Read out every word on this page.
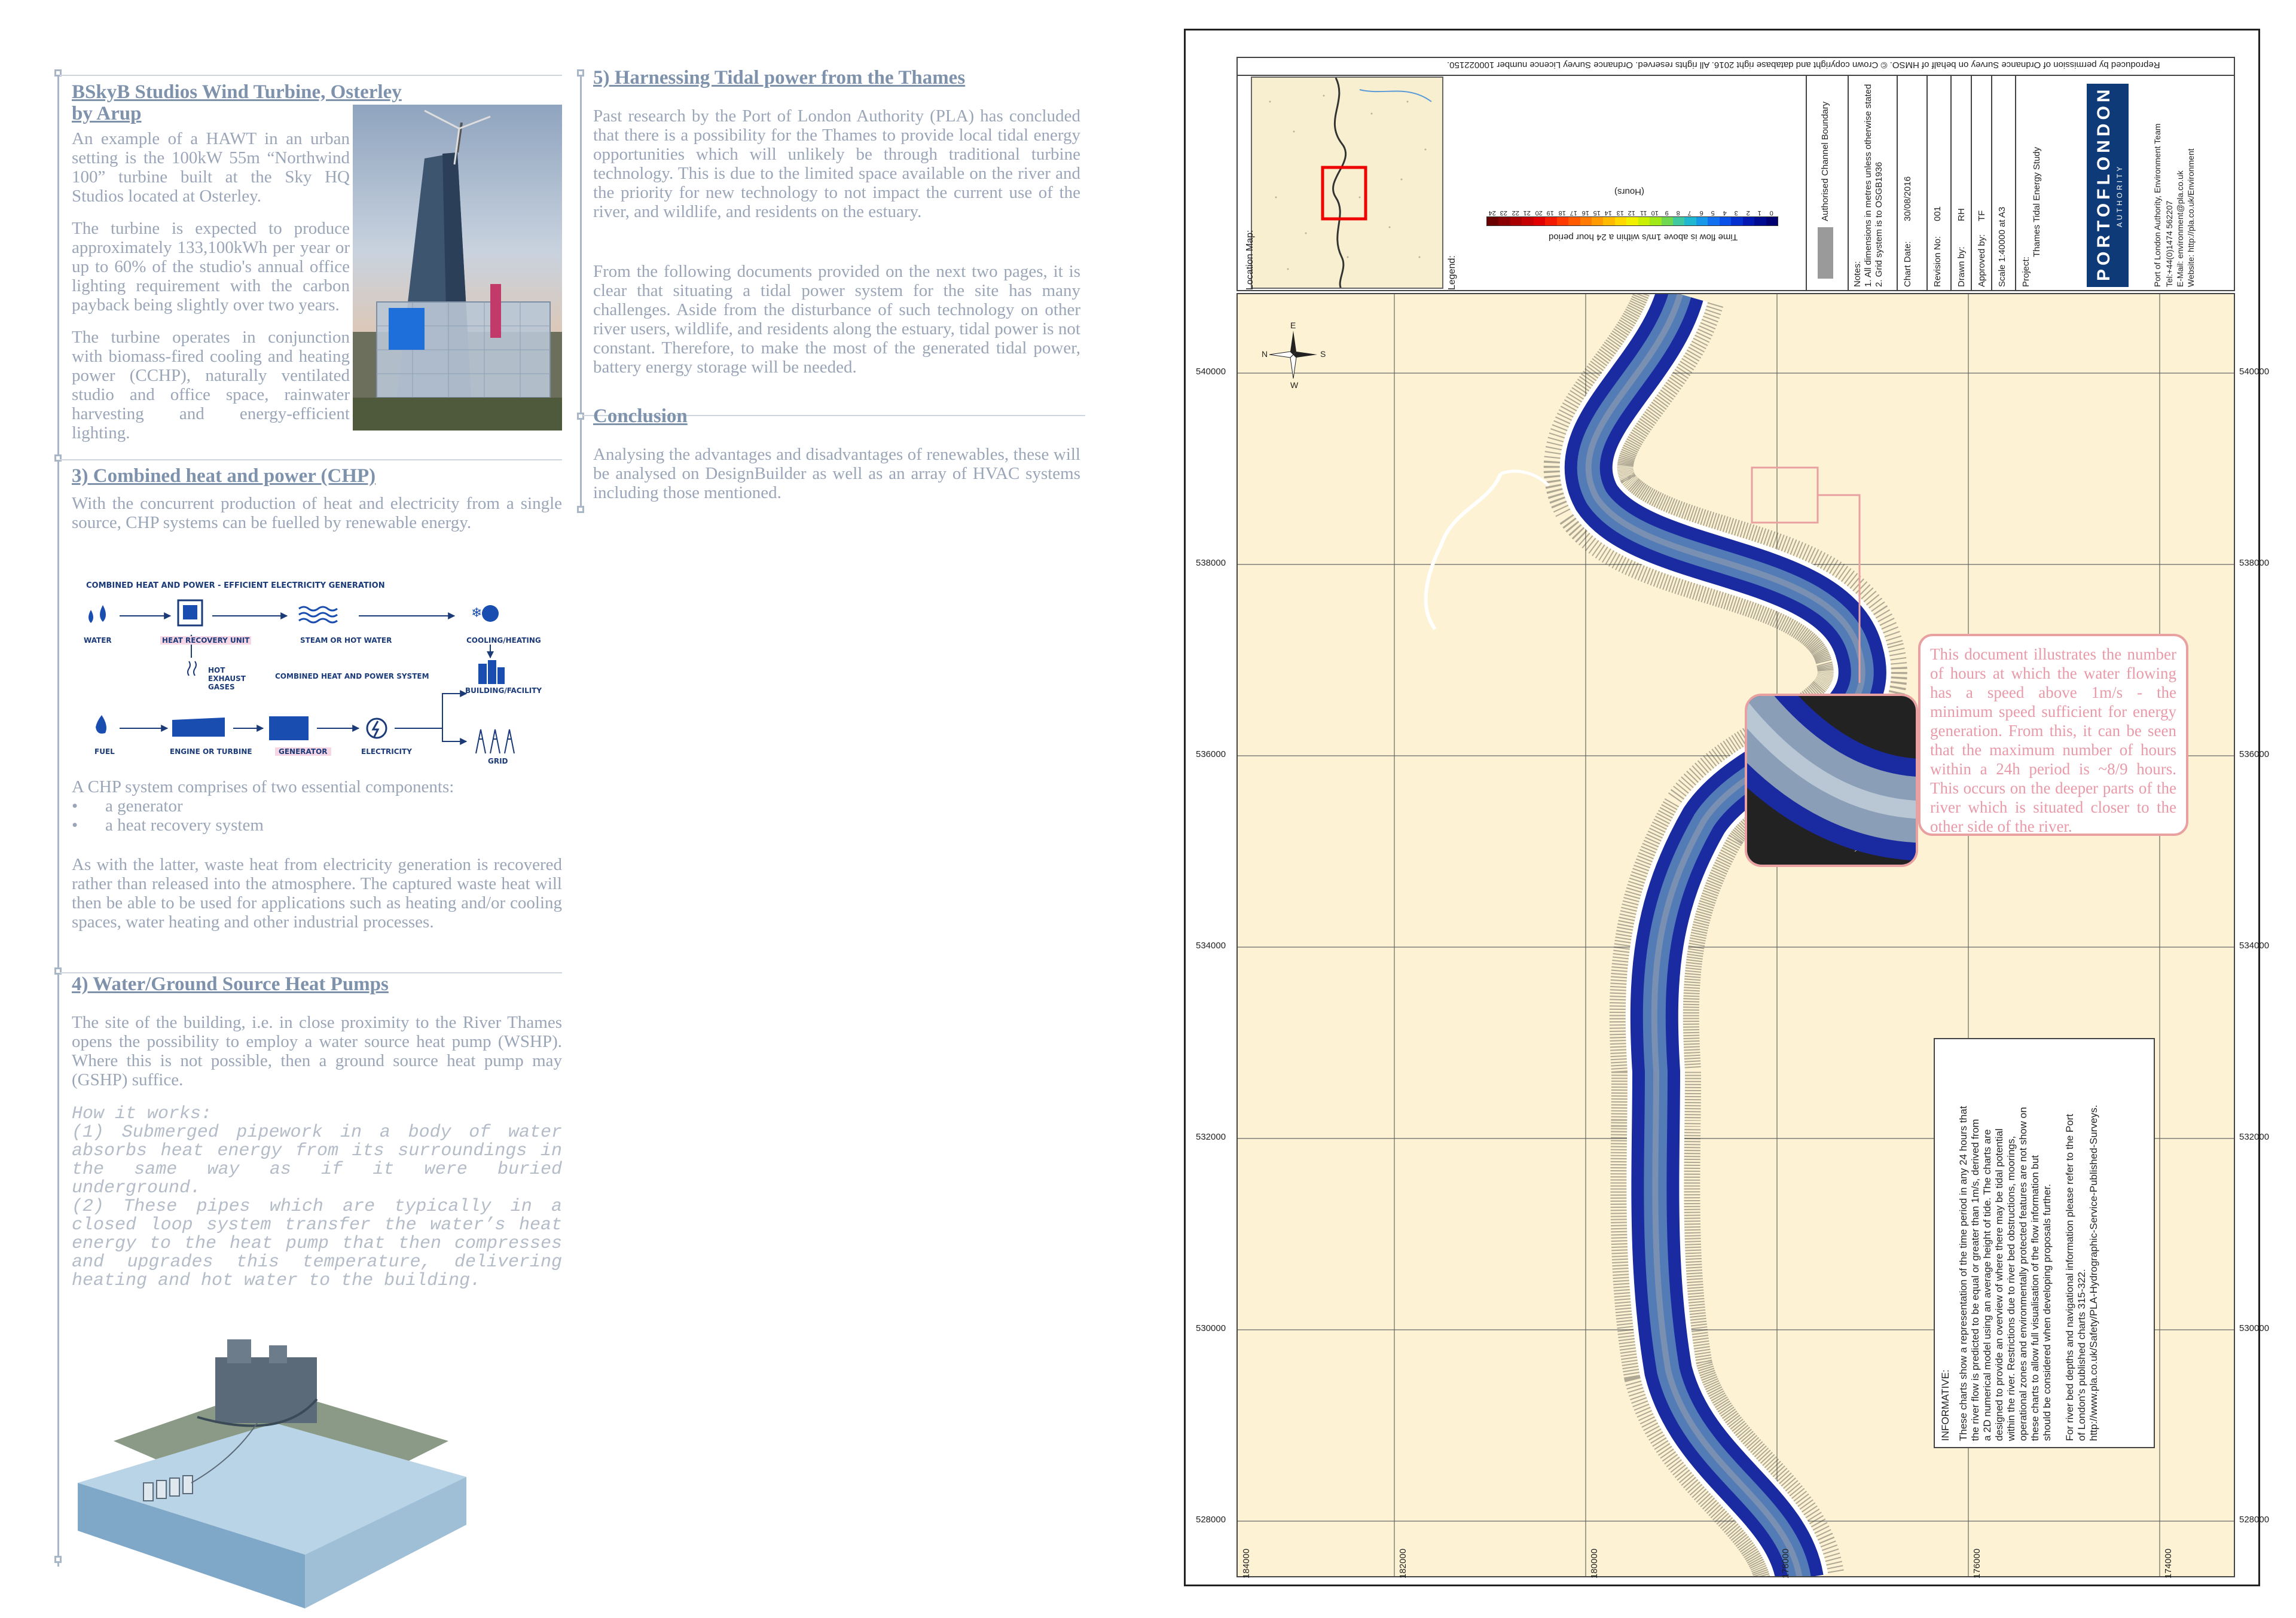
BSkyB Studios Wind Turbine, Osterley by Arup
An example of a HAWT in an urban setting is the 100kW 55m “Northwind 100” turbine built at the Sky HQ Studios located at Osterley.
The turbine is expected to produce approximately 133,100kWh per year or up to 60% of the studio's annual office lighting requirement with the carbon payback being slightly over two years.
The turbine operates in conjunction with biomass-fired cooling and heating power (CCHP), naturally ventilated studio and office space, rainwater harvesting and energy-efficient lighting.
3) Combined heat and power (CHP)
With the concurrent production of heat and electricity from a single source, CHP systems can be fuelled by renewable energy.
COMBINED HEAT AND POWER - EFFICIENT ELECTRICITY GENERATION
❄
WATER	HEAT RECOVERY UNIT	STEAM OR HOT WATER	COOLING/HEATING
HOT EXHAUST GASES
COMBINED HEAT AND POWER SYSTEM
BUILDING/FACILITY
FUEL	ENGINE OR TURBINE	GENERATOR	ELECTRICITY
GRID
A CHP system comprises of two essential components:
• a generator
• a heat recovery system
As with the latter, waste heat from electricity generation is recovered rather than released into the atmosphere. The captured waste heat will then be able to be used for applications such as heating and/or cooling spaces, water heating and other industrial processes.
4) Water/Ground Source Heat Pumps
The site of the building, i.e. in close proximity to the River Thames opens the possibility to employ a water source heat pump (WSHP). Where this is not possible, then a ground source heat pump may (GSHP) suffice.
How it works:
(1) Submerged pipework in a body of water absorbs heat energy from its surroundings in the same way as if it were buried underground.
(2) These pipes which are typically in a closed loop system transfer the water’s heat energy to the heat pump that then compresses and upgrades this temperature, delivering heating and hot water to the building.
5) Harnessing Tidal power from the Thames
Past research by the Port of London Authority (PLA) has concluded that there is a possibility for the Thames to provide local tidal energy opportunities which will unlikely be through traditional turbine technology. This is due to the limited space available on the river and the priority for new technology to not impact the current use of the river, and wildlife, and residents on the estuary.
From the following documents provided on the next two pages, it is clear that situating a tidal power system for the site has many challenges. Aside from the disturbance of such technology on other river users, wildlife, and residents along the estuary, tidal power is not constant. Therefore, to make the most of the generated tidal power, battery energy storage will be needed.
Conclusion
Analysing the advantages and disadvantages of renewables, these will be analysed on DesignBuilder as well as an array of HVAC systems including those mentioned.
Reproduced by permission of Ordnance Survey on behalf of HMSO. © Crown copyright and database right 2016. All rights reserved. Ordnance Survey Licence number 100022150.
Location Map:	Legend:
24 23 22 21 20 19 18 17 16 15 14 13 12 11 10 9	8	7	6	5	4	3	2	1	0
Time flow is above 1m/s within a 24 hour period
(Hours)	Authorised Channel Boundary
Notes: 1. All dimensions in metres unless otherwise stated 2. Grid system is to OSGB1936 Chart Date:
30/08/2016
Revision No:
001
Drawn by:
RH
Approved by:
TF Scale 1:40000 at A3 Project:
Thames Tidal Energy Study	PORTOFLONDON AUTHORITY	Port of London Authority, Environment Team Tel:+44(0)1474 562207 E-Mail: environment@pla.co.uk Website: http://pla.co.uk/Environment
N
E
S
W
540000	540000
538000	538000
536000	536000
534000	534000
532000	532000
530000	530000
528000	528000
184000	182000	180000	178000	176000	174000
This document illustrates the number of hours at which the water flowing has a speed above 1m/s - the minimum speed sufficient for energy generation. From this, it can be seen that the maximum number of hours within a 24h period is ~8/9 hours. This occurs on the deeper parts of the river which is situated closer to the other side of the river.
INFORMATIVE: These charts show a representation of the time period in any 24 hours that the river flow is predicted to be equal or greater than 1m/s, derived from a 2D numerical model using an average height of tide. The charts are designed to provide an overview of where there may be tidal potential within the river. Restrictions due to river bed obstructions, moorings, operational zones and environmentally protected features are not show on these charts to allow full visualisation of the flow information but should be considered when developing proposals further. For river bed depths and navigational information please refer to the Port of London's published charts 315-322. http://www.pla.co.uk/Safety/PLA-Hydrographic-Service-Published-Surveys.
